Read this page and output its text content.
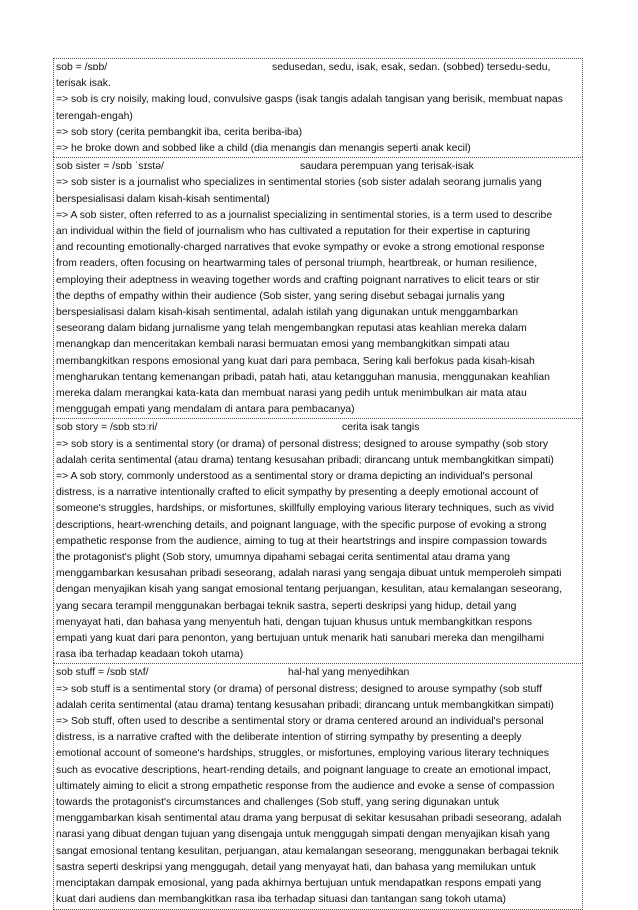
sob = /sɒb/	sedusedan, sedu, isak, esak, sedan. (sobbed) tersedu-sedu,
terisak isak.
=> sob is cry noisily, making loud, convulsive gasps (isak tangis adalah tangisan yang berisik, membuat napas
terengah-engah)
=> sob story (cerita pembangkit iba, cerita beriba-iba)
=> he broke down and sobbed like a child (dia menangis dan menangis seperti anak kecil)
sob sister = /sɒb ˈsɪstə/	saudara perempuan yang terisak-isak
=> sob sister is a journalist who specializes in sentimental stories (sob sister adalah seorang jurnalis yang
berspesialisasi dalam kisah-kisah sentimental)
=> A sob sister, often referred to as a journalist specializing in sentimental stories, is a term used to describe
an individual within the field of journalism who has cultivated a reputation for their expertise in capturing
and recounting emotionally-charged narratives that evoke sympathy or evoke a strong emotional response
from readers, often focusing on heartwarming tales of personal triumph, heartbreak, or human resilience,
employing their adeptness in weaving together words and crafting poignant narratives to elicit tears or stir
the depths of empathy within their audience (Sob sister, yang sering disebut sebagai jurnalis yang
berspesialisasi dalam kisah-kisah sentimental, adalah istilah yang digunakan untuk menggambarkan
seseorang dalam bidang jurnalisme yang telah mengembangkan reputasi atas keahlian mereka dalam
menangkap dan menceritakan kembali narasi bermuatan emosi yang membangkitkan simpati atau
membangkitkan respons emosional yang kuat dari para pembaca, Sering kali berfokus pada kisah-kisah
mengharukan tentang kemenangan pribadi, patah hati, atau ketangguhan manusia, menggunakan keahlian
mereka dalam merangkai kata-kata dan membuat narasi yang pedih untuk menimbulkan air mata atau
menggugah empati yang mendalam di antara para pembacanya)
sob story = /sɒb stɔːri/	cerita isak tangis
=> sob story is a sentimental story (or drama) of personal distress; designed to arouse sympathy (sob story
adalah cerita sentimental (atau drama) tentang kesusahan pribadi; dirancang untuk membangkitkan simpati)
=> A sob story, commonly understood as a sentimental story or drama depicting an individual's personal
distress, is a narrative intentionally crafted to elicit sympathy by presenting a deeply emotional account of
someone's struggles, hardships, or misfortunes, skillfully employing various literary techniques, such as vivid
descriptions, heart-wrenching details, and poignant language, with the specific purpose of evoking a strong
empathetic response from the audience, aiming to tug at their heartstrings and inspire compassion towards
the protagonist's plight (Sob story, umumnya dipahami sebagai cerita sentimental atau drama yang
menggambarkan kesusahan pribadi seseorang, adalah narasi yang sengaja dibuat untuk memperoleh simpati
dengan menyajikan kisah yang sangat emosional tentang perjuangan, kesulitan, atau kemalangan seseorang,
yang secara terampil menggunakan berbagai teknik sastra, seperti deskripsi yang hidup, detail yang
menyayat hati, dan bahasa yang menyentuh hati, dengan tujuan khusus untuk membangkitkan respons
empati yang kuat dari para penonton, yang bertujuan untuk menarik hati sanubari mereka dan mengilhami
rasa iba terhadap keadaan tokoh utama)
sob stuff = /sɒb stʌf/	hal-hal yang menyedihkan
=> sob stuff is a sentimental story (or drama) of personal distress; designed to arouse sympathy (sob stuff
adalah cerita sentimental (atau drama) tentang kesusahan pribadi; dirancang untuk membangkitkan simpati)
=> Sob stuff, often used to describe a sentimental story or drama centered around an individual's personal
distress, is a narrative crafted with the deliberate intention of stirring sympathy by presenting a deeply
emotional account of someone's hardships, struggles, or misfortunes, employing various literary techniques
such as evocative descriptions, heart-rending details, and poignant language to create an emotional impact,
ultimately aiming to elicit a strong empathetic response from the audience and evoke a sense of compassion
towards the protagonist's circumstances and challenges (Sob stuff, yang sering digunakan untuk
menggambarkan kisah sentimental atau drama yang berpusat di sekitar kesusahan pribadi seseorang, adalah
narasi yang dibuat dengan tujuan yang disengaja untuk menggugah simpati dengan menyajikan kisah yang
sangat emosional tentang kesulitan, perjuangan, atau kemalangan seseorang, menggunakan berbagai teknik
sastra seperti deskripsi yang menggugah, detail yang menyayat hati, dan bahasa yang memilukan untuk
menciptakan dampak emosional, yang pada akhirnya bertujuan untuk mendapatkan respons empati yang
kuat dari audiens dan membangkitkan rasa iba terhadap situasi dan tantangan sang tokoh utama)
